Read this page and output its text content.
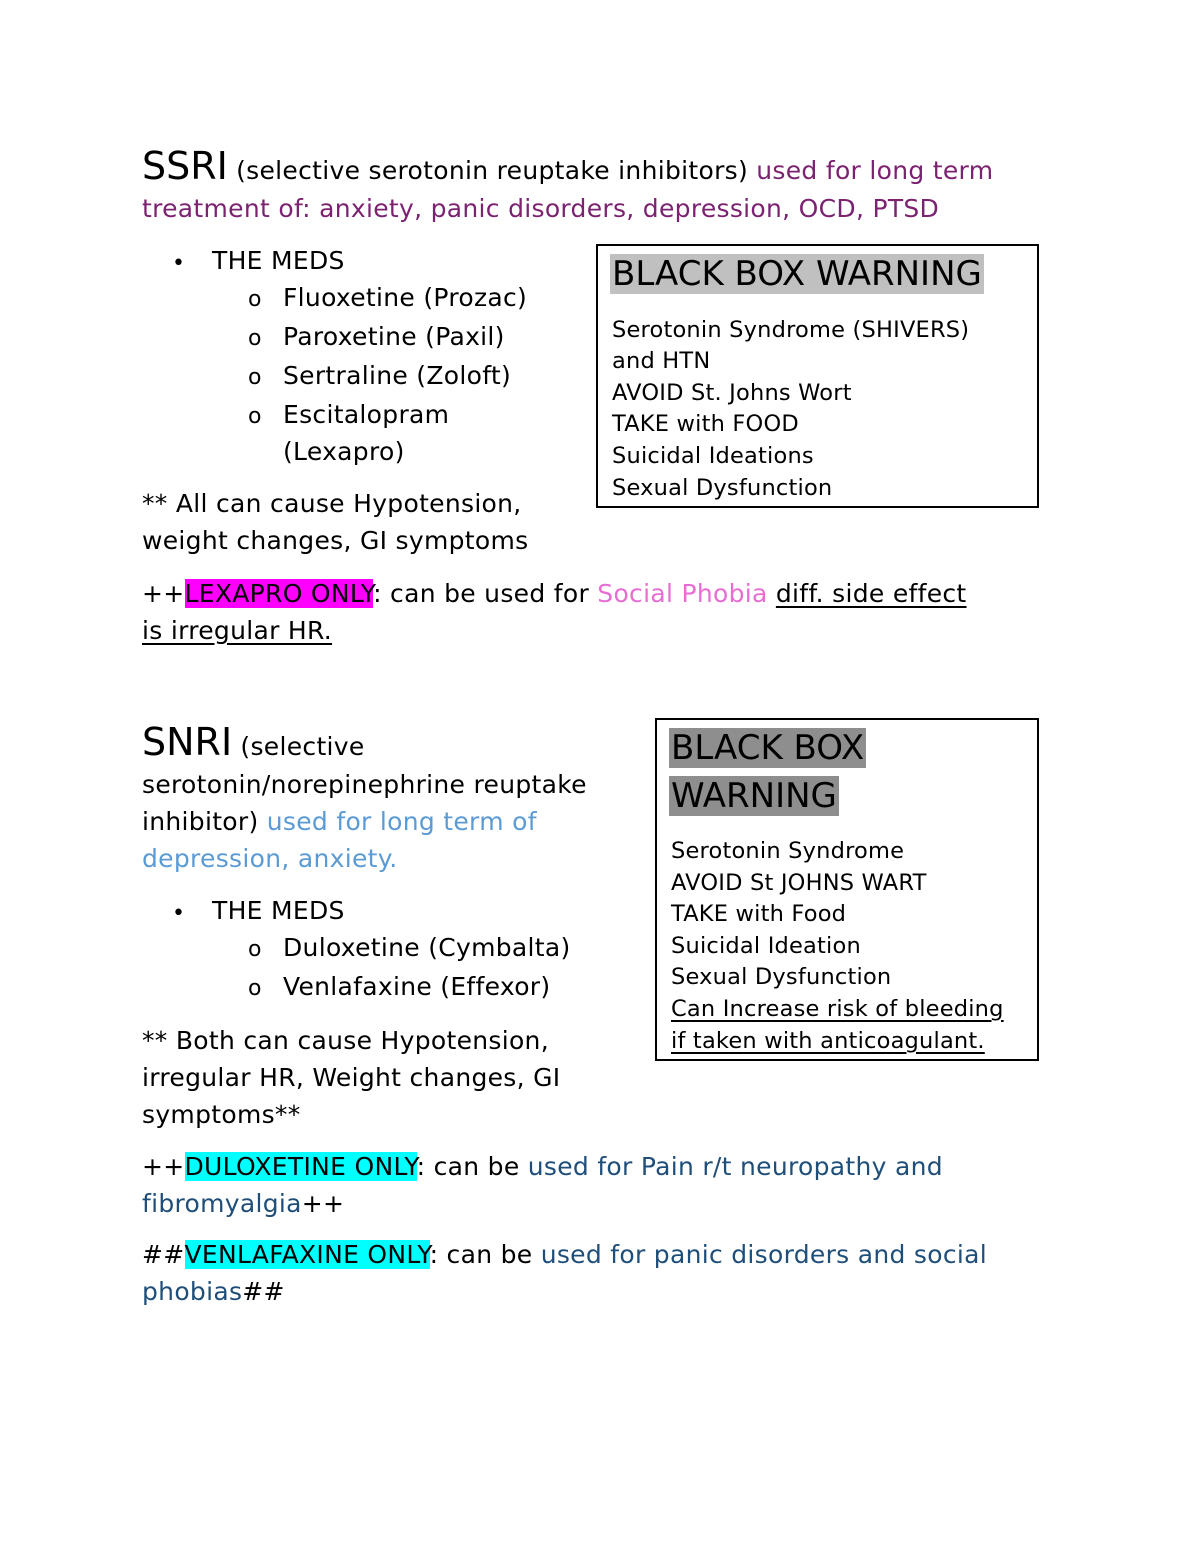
SSRI (selective serotonin reuptake inhibitors) used for long term
treatment of: anxiety, panic disorders, depression, OCD, PTSD
• THE MEDS
o Fluoxetine (Prozac)
o Paroxetine (Paxil)
o Sertraline (Zoloft)
o Escitalopram
(Lexapro)
** All can cause Hypotension,
weight changes, GI symptoms
++LEXAPRO ONLY: can be used for Social Phobia diff. side effect
is irregular HR.
BLACK BOX WARNING
Serotonin Syndrome (SHIVERS)
and HTN
AVOID St. Johns Wort
TAKE with FOOD
Suicidal Ideations
Sexual Dysfunction
SNRI (selective
serotonin/norepinephrine reuptake
inhibitor) used for long term of
depression, anxiety.
• THE MEDS
o Duloxetine (Cymbalta)
o Venlafaxine (Effexor)
** Both can cause Hypotension,
irregular HR, Weight changes, GI
symptoms**
++DULOXETINE ONLY: can be used for Pain r/t neuropathy and
fibromyalgia++
##VENLAFAXINE ONLY: can be used for panic disorders and social
phobias##
BLACK BOX
WARNING
Serotonin Syndrome
AVOID St JOHNS WART
TAKE with Food
Suicidal Ideation
Sexual Dysfunction
Can Increase risk of bleeding
if taken with anticoagulant.
